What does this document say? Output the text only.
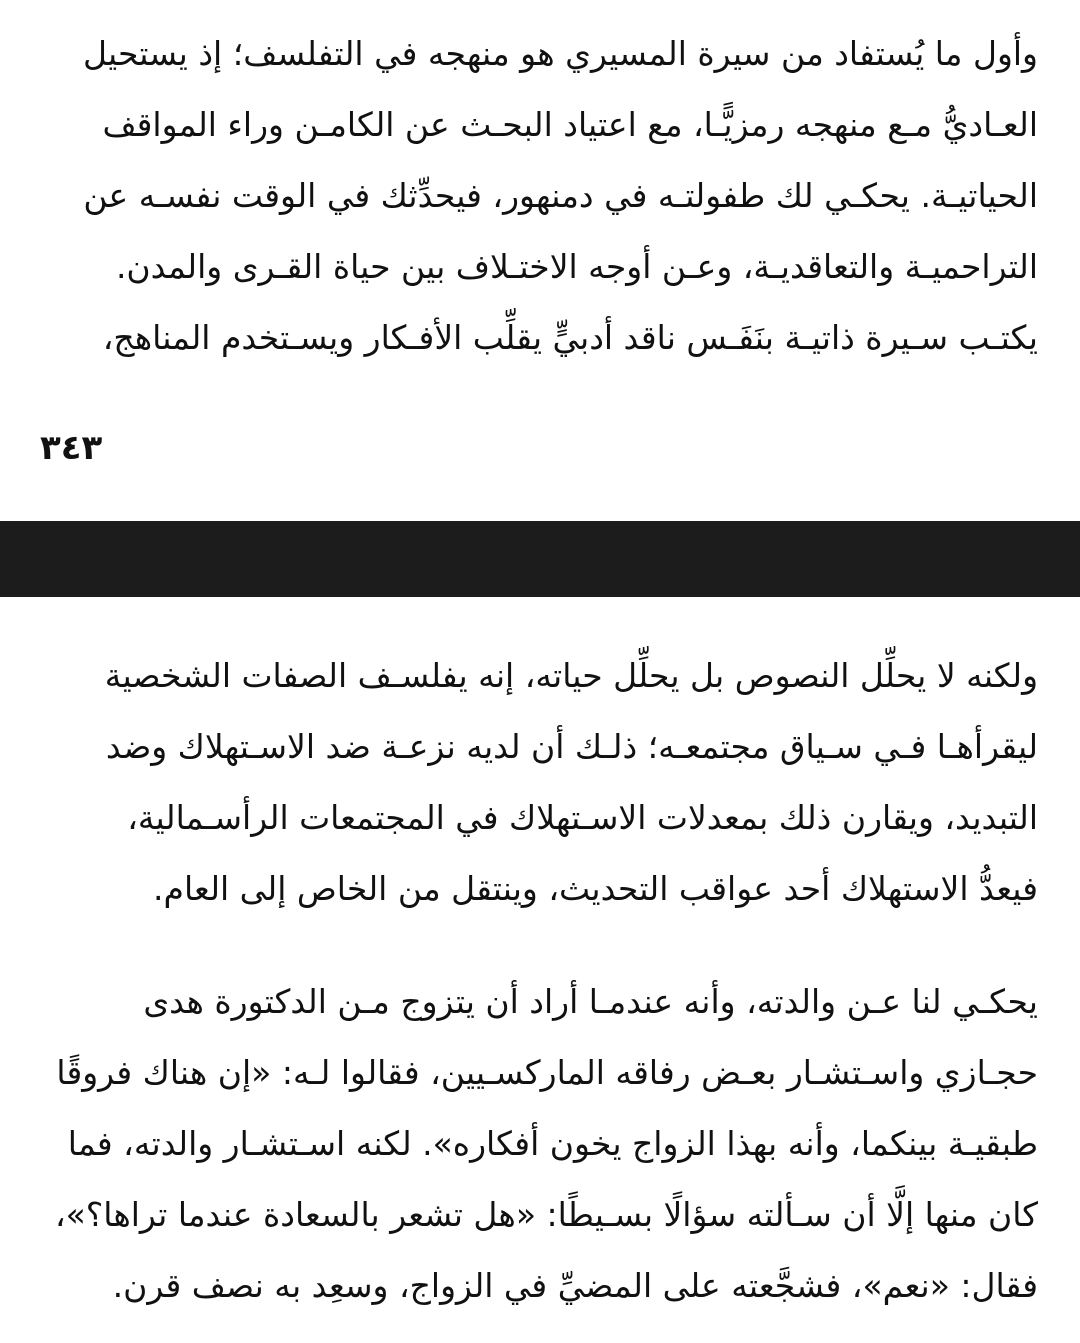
وأول ما يُستفاد من سيرة المسيري هو منهجه في التفلسف؛ إذ يستحيل
العـاديُّ مـع منهجه رمزيًّـا، مع اعتياد البحـث عن الكامـن وراء المواقف
الحياتيـة. يحكـي لك طفولتـه في دمنهور، فيحدِّثك في الوقت نفسـه عن
التراحميـة والتعاقديـة، وعـن أوجه الاختـلاف بين حياة القـرى والمدن.
يكتـب سـيرة ذاتيـة بنَفَـس ناقد أدبيٍّ يقلِّب الأفـكار ويسـتخدم المناهج،
٣٤٣
ولكنه لا يحلِّل النصوص بل يحلِّل حياته، إنه يفلسـف الصفات الشخصية
ليقرأهـا فـي سـياق مجتمعـه؛ ذلـك أن لديه نزعـة ضد الاسـتهلاك وضد
التبديد، ويقارن ذلك بمعدلات الاسـتهلاك في المجتمعات الرأسـمالية،
فيعدُّ الاستهلاك أحد عواقب التحديث، وينتقل من الخاص إلى العام.
يحكـي لنا عـن والدته، وأنه عندمـا أراد أن يتزوج مـن الدكتورة هدى
حجـازي واسـتشـار بعـض رفاقه الماركسـيين، فقالوا لـه: «إن هناك فروقًا
طبقيـة بينكما، وأنه بهذا الزواج يخون أفكاره». لكنه اسـتشـار والدته، فما
كان منها إلَّا أن سـألته سؤالًا بسـيطًا: «هل تشعر بالسعادة عندما تراها؟»،
فقال: «نعم»، فشجَّعته على المضيِّ في الزواج، وسعِد به نصف قرن.
